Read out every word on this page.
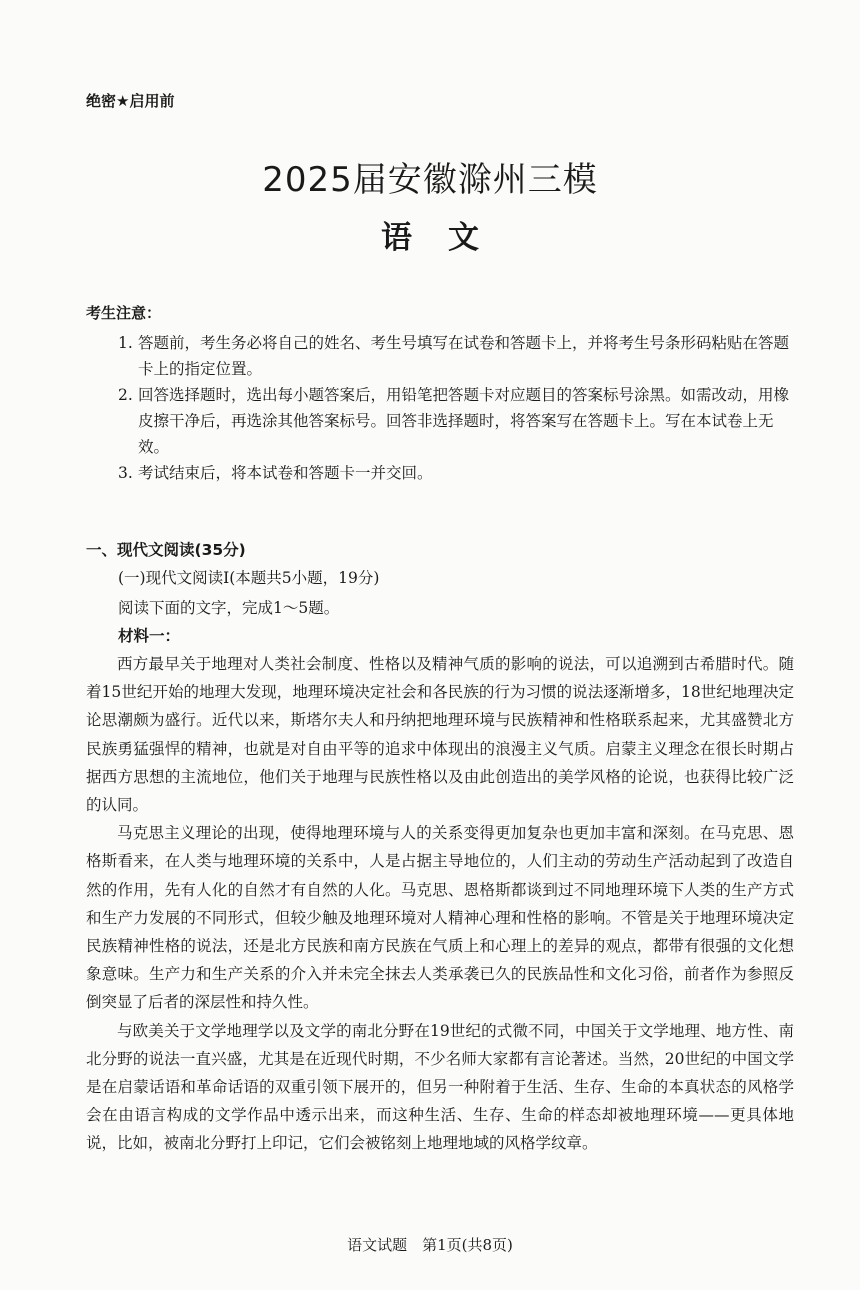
绝密★启用前
2025届安徽滁州三模
语文
考生注意：
1. 答题前，考生务必将自己的姓名、考生号填写在试卷和答题卡上，并将考生号条形码粘贴在答题卡上的指定位置。
2. 回答选择题时，选出每小题答案后，用铅笔把答题卡对应题目的答案标号涂黑。如需改动，用橡皮擦干净后，再选涂其他答案标号。回答非选择题时，将答案写在答题卡上。写在本试卷上无效。
3. 考试结束后，将本试卷和答题卡一并交回。
一、现代文阅读(35分)
(一)现代文阅读Ⅰ(本题共5小题，19分)
阅读下面的文字，完成1～5题。
材料一：

西方最早关于地理对人类社会制度、性格以及精神气质的影响的说法，可以追溯到古希腊时代。随着15世纪开始的地理大发现，地理环境决定社会和各民族的行为习惯的说法逐渐增多，18世纪地理决定论思潮颇为盛行。近代以来，斯塔尔夫人和丹纳把地理环境与民族精神和性格联系起来，尤其盛赞北方民族勇猛强悍的精神，也就是对自由平等的追求中体现出的浪漫主义气质。启蒙主义理念在很长时期占据西方思想的主流地位，他们关于地理与民族性格以及由此创造出的美学风格的论说，也获得比较广泛的认同。

马克思主义理论的出现，使得地理环境与人的关系变得更加复杂也更加丰富和深刻。在马克思、恩格斯看来，在人类与地理环境的关系中，人是占据主导地位的，人们主动的劳动生产活动起到了改造自然的作用，先有人化的自然才有自然的人化。马克思、恩格斯都谈到过不同地理环境下人类的生产方式和生产力发展的不同形式，但较少触及地理环境对人精神心理和性格的影响。不管是关于地理环境决定民族精神性格的说法，还是北方民族和南方民族在气质上和心理上的差异的观点，都带有很强的文化想象意味。生产力和生产关系的介入并未完全抹去人类承袭已久的民族品性和文化习俗，前者作为参照反倒突显了后者的深层性和持久性。

与欧美关于文学地理学以及文学的南北分野在19世纪的式微不同，中国关于文学地理、地方性、南北分野的说法一直兴盛，尤其是在近现代时期，不少名师大家都有言论著述。当然，20世纪的中国文学是在启蒙话语和革命话语的双重引领下展开的，但另一种附着于生活、生存、生命的本真状态的风格学会在由语言构成的文学作品中透示出来，而这种生活、生存、生命的样态却被地理环境——更具体地说，比如，被南北分野打上印记，它们会被铭刻上地理地域的风格学纹章。

语文试题　第1页(共8页)
